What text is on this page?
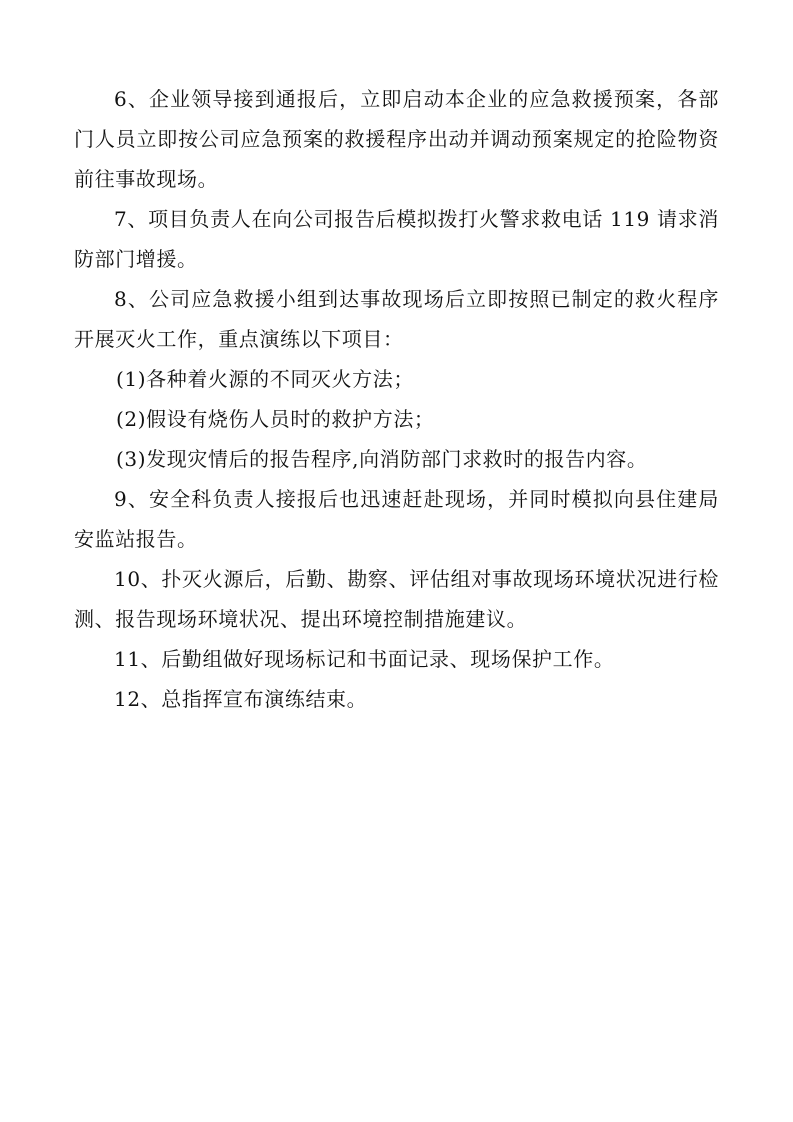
6、企业领导接到通报后，立即启动本企业的应急救援预案，各部门人员立即按公司应急预案的救援程序出动并调动预案规定的抢险物资前往事故现场。

7、项目负责人在向公司报告后模拟拨打火警求救电话 119 请求消防部门增援。

8、公司应急救援小组到达事故现场后立即按照已制定的救火程序开展灭火工作，重点演练以下项目：

(1)各种着火源的不同灭火方法；

(2)假设有烧伤人员时的救护方法；

(3)发现灾情后的报告程序,向消防部门求救时的报告内容。

9、安全科负责人接报后也迅速赶赴现场，并同时模拟向县住建局安监站报告。

10、扑灭火源后，后勤、勘察、评估组对事故现场环境状况进行检测、报告现场环境状况、提出环境控制措施建议。

11、后勤组做好现场标记和书面记录、现场保护工作。

12、总指挥宣布演练结束。
